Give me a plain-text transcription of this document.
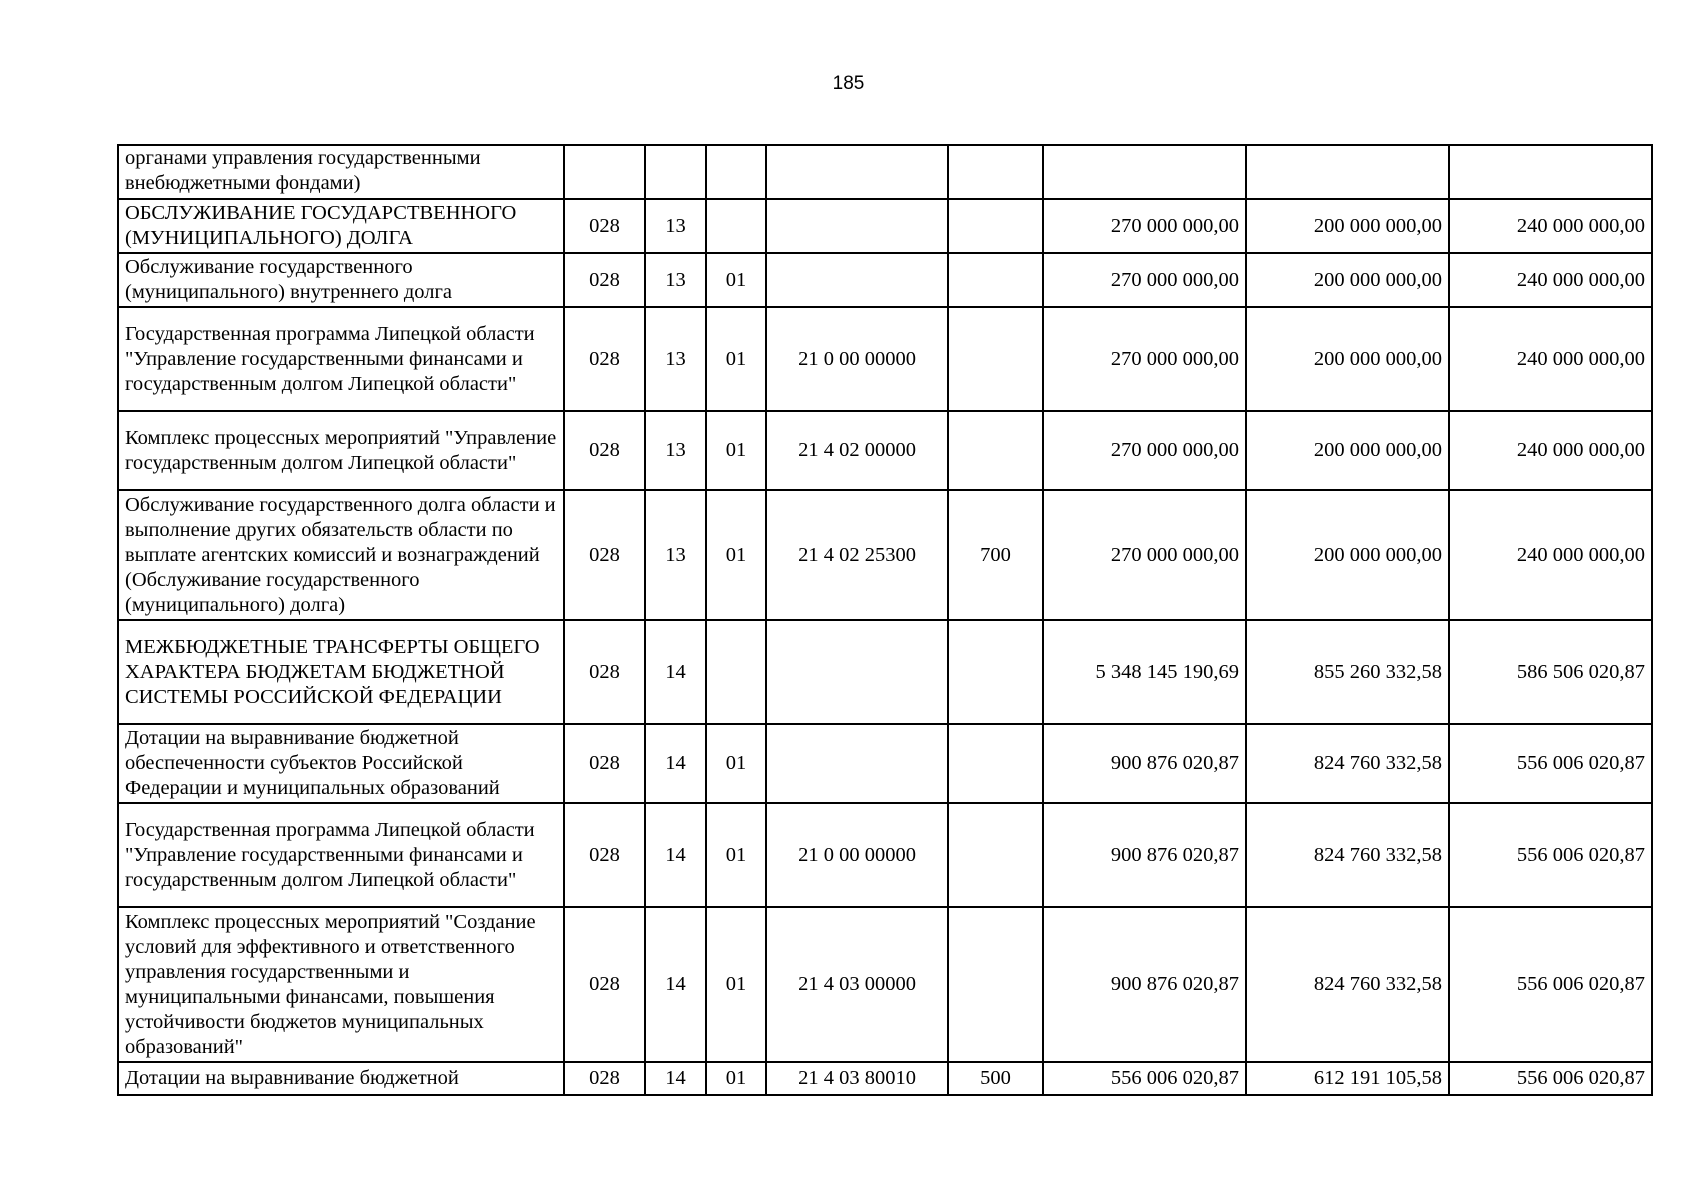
185
органами управления государственными внебюджетными фондами)								
ОБСЛУЖИВАНИЕ ГОСУДАРСТВЕННОГО (МУНИЦИПАЛЬНОГО) ДОЛГА	028	13				270 000 000,00	200 000 000,00	240 000 000,00
Обслуживание государственного (муниципального) внутреннего долга	028	13	01			270 000 000,00	200 000 000,00	240 000 000,00
Государственная программа Липецкой области "Управление государственными финансами и государственным долгом Липецкой области"	028	13	01	21 0 00 00000		270 000 000,00	200 000 000,00	240 000 000,00
Комплекс процессных мероприятий "Управление государственным долгом Липецкой области"	028	13	01	21 4 02 00000		270 000 000,00	200 000 000,00	240 000 000,00
Обслуживание государственного долга области и выполнение других обязательств области по выплате агентских комиссий и вознаграждений (Обслуживание государственного (муниципального) долга)	028	13	01	21 4 02 25300	700	270 000 000,00	200 000 000,00	240 000 000,00
МЕЖБЮДЖЕТНЫЕ ТРАНСФЕРТЫ ОБЩЕГО ХАРАКТЕРА БЮДЖЕТАМ БЮДЖЕТНОЙ СИСТЕМЫ РОССИЙСКОЙ ФЕДЕРАЦИИ	028	14				5 348 145 190,69	855 260 332,58	586 506 020,87
Дотации на выравнивание бюджетной обеспеченности субъектов Российской Федерации и муниципальных образований	028	14	01			900 876 020,87	824 760 332,58	556 006 020,87
Государственная программа Липецкой области "Управление государственными финансами и государственным долгом Липецкой области"	028	14	01	21 0 00 00000		900 876 020,87	824 760 332,58	556 006 020,87
Комплекс процессных мероприятий "Создание условий для эффективного и ответственного управления государственными и муниципальными финансами, повышения устойчивости бюджетов муниципальных образований"	028	14	01	21 4 03 00000		900 876 020,87	824 760 332,58	556 006 020,87
Дотации на выравнивание бюджетной	028	14	01	21 4 03 80010	500	556 006 020,87	612 191 105,58	556 006 020,87
